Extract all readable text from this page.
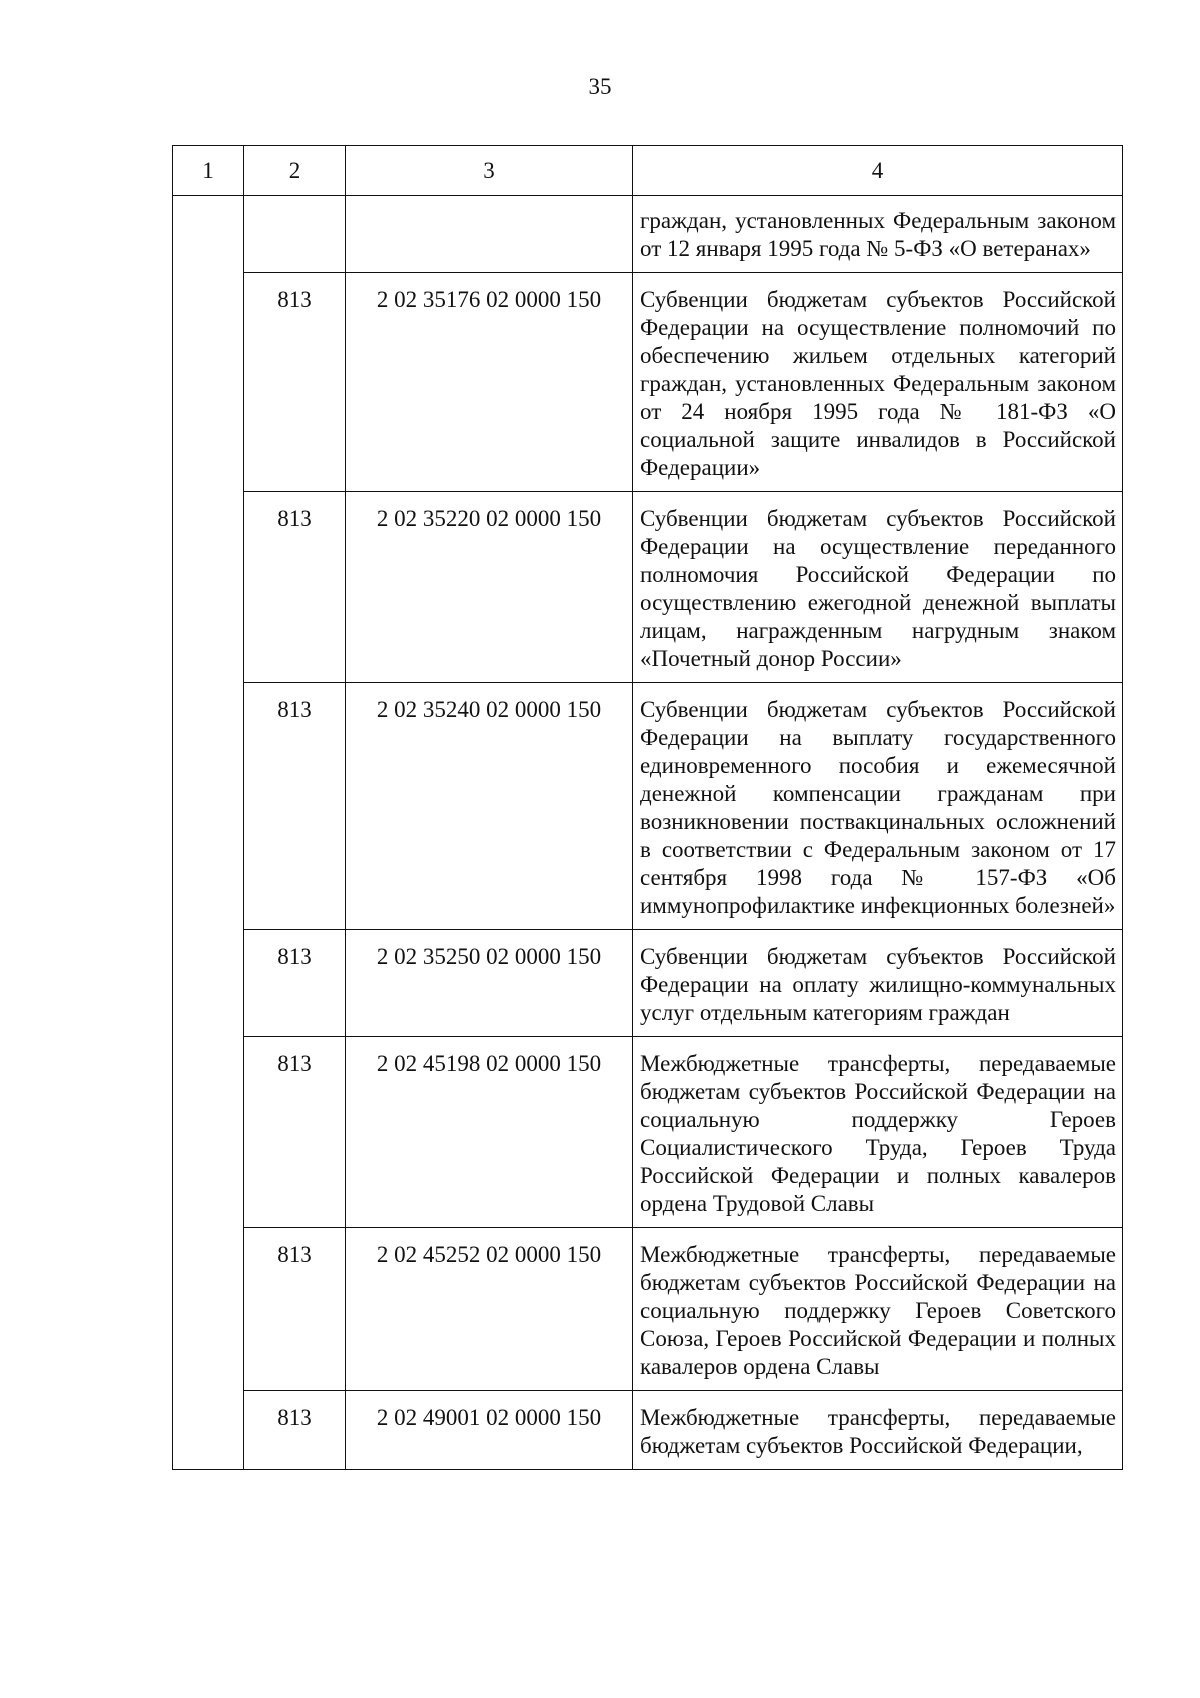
35
1	2	3	4
			граждан, установленных Федеральным законом от 12 января 1995 года № 5-ФЗ «О ветеранах»
	813	2 02 35176 02 0000 150	Субвенции бюджетам субъектов Российской Федерации на осуществление полномочий по обеспечению жильем отдельных категорий граждан, установленных Федеральным законом от 24 ноября 1995 года № 181-ФЗ «О социальной защите инвалидов в Российской Федерации»
	813	2 02 35220 02 0000 150	Субвенции бюджетам субъектов Российской Федерации на осуществление переданного полномочия Российской Федерации по осуществлению ежегодной денежной выплаты лицам, награжденным нагрудным знаком «Почетный донор России»
	813	2 02 35240 02 0000 150	Субвенции бюджетам субъектов Российской Федерации на выплату государственного единовременного пособия и ежемесячной денежной компенсации гражданам при возникновении поствакцинальных осложнений в соответствии с Федеральным законом от 17 сентября 1998 года № 157-ФЗ «Об иммунопрофилактике инфекционных болезней»
	813	2 02 35250 02 0000 150	Субвенции бюджетам субъектов Российской Федерации на оплату жилищно-коммунальных услуг отдельным категориям граждан
	813	2 02 45198 02 0000 150	Межбюджетные трансферты, передаваемые бюджетам субъектов Российской Федерации на социальную поддержку Героев Социалистического Труда, Героев Труда Российской Федерации и полных кавалеров ордена Трудовой Славы
	813	2 02 45252 02 0000 150	Межбюджетные трансферты, передаваемые бюджетам субъектов Российской Федерации на социальную поддержку Героев Советского Союза, Героев Российской Федерации и полных кавалеров ордена Славы
	813	2 02 49001 02 0000 150	Межбюджетные трансферты, передаваемые бюджетам субъектов Российской Федерации,
